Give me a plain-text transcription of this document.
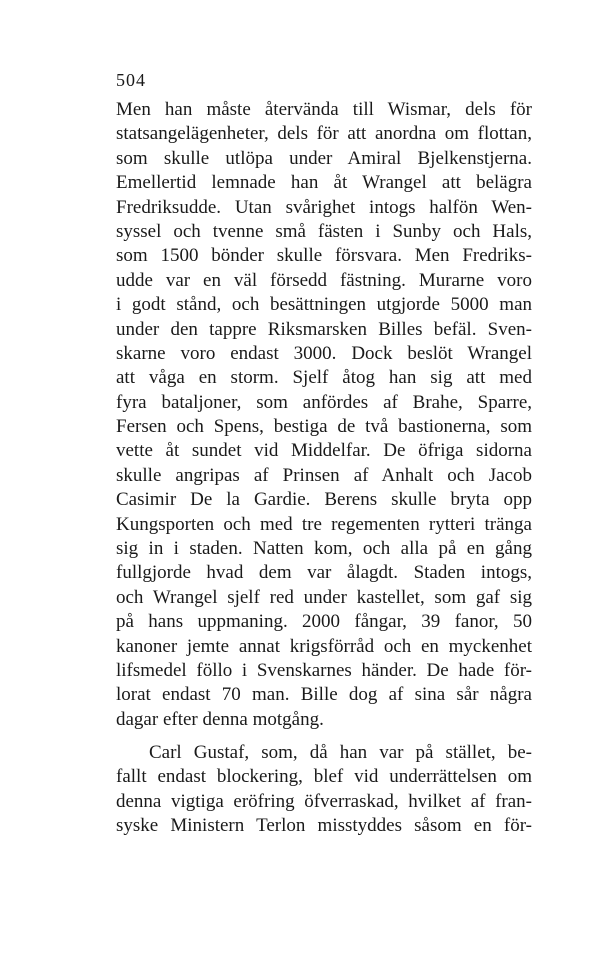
504
Men han måste återvända till Wismar, dels för
statsangelägenheter, dels för att anordna om flottan,
som skulle utlöpa under Amiral Bjelkenstjerna.
Emellertid lemnade han åt Wrangel att belägra
Fredriksudde. Utan svårighet intogs halfön Wen-
syssel och tvenne små fästen i Sunby och Hals,
som 1500 bönder skulle försvara. Men Fredriks-
udde var en väl försedd fästning. Murarne voro
i godt stånd, och besättningen utgjorde 5000 man
under den tappre Riksmarsken Billes befäl. Sven-
skarne voro endast 3000. Dock beslöt Wrangel
att våga en storm. Sjelf åtog han sig att med
fyra bataljoner, som anfördes af Brahe, Sparre,
Fersen och Spens, bestiga de två bastionerna, som
vette åt sundet vid Middelfar. De öfriga sidorna
skulle angripas af Prinsen af Anhalt och Jacob
Casimir De la Gardie. Berens skulle bryta opp
Kungsporten och med tre regementen rytteri tränga
sig in i staden. Natten kom, och alla på en gång
fullgjorde hvad dem var ålagdt. Staden intogs,
och Wrangel sjelf red under kastellet, som gaf sig
på hans uppmaning. 2000 fångar, 39 fanor, 50
kanoner jemte annat krigsförråd och en myckenhet
lifsmedel föllo i Svenskarnes händer. De hade för-
lorat endast 70 man. Bille dog af sina sår några
dagar efter denna motgång.
Carl Gustaf, som, då han var på stället, be-
fallt endast blockering, blef vid underrättelsen om
denna vigtiga eröfring öfverraskad, hvilket af fran-
syske Ministern Terlon misstyddes såsom en för-
